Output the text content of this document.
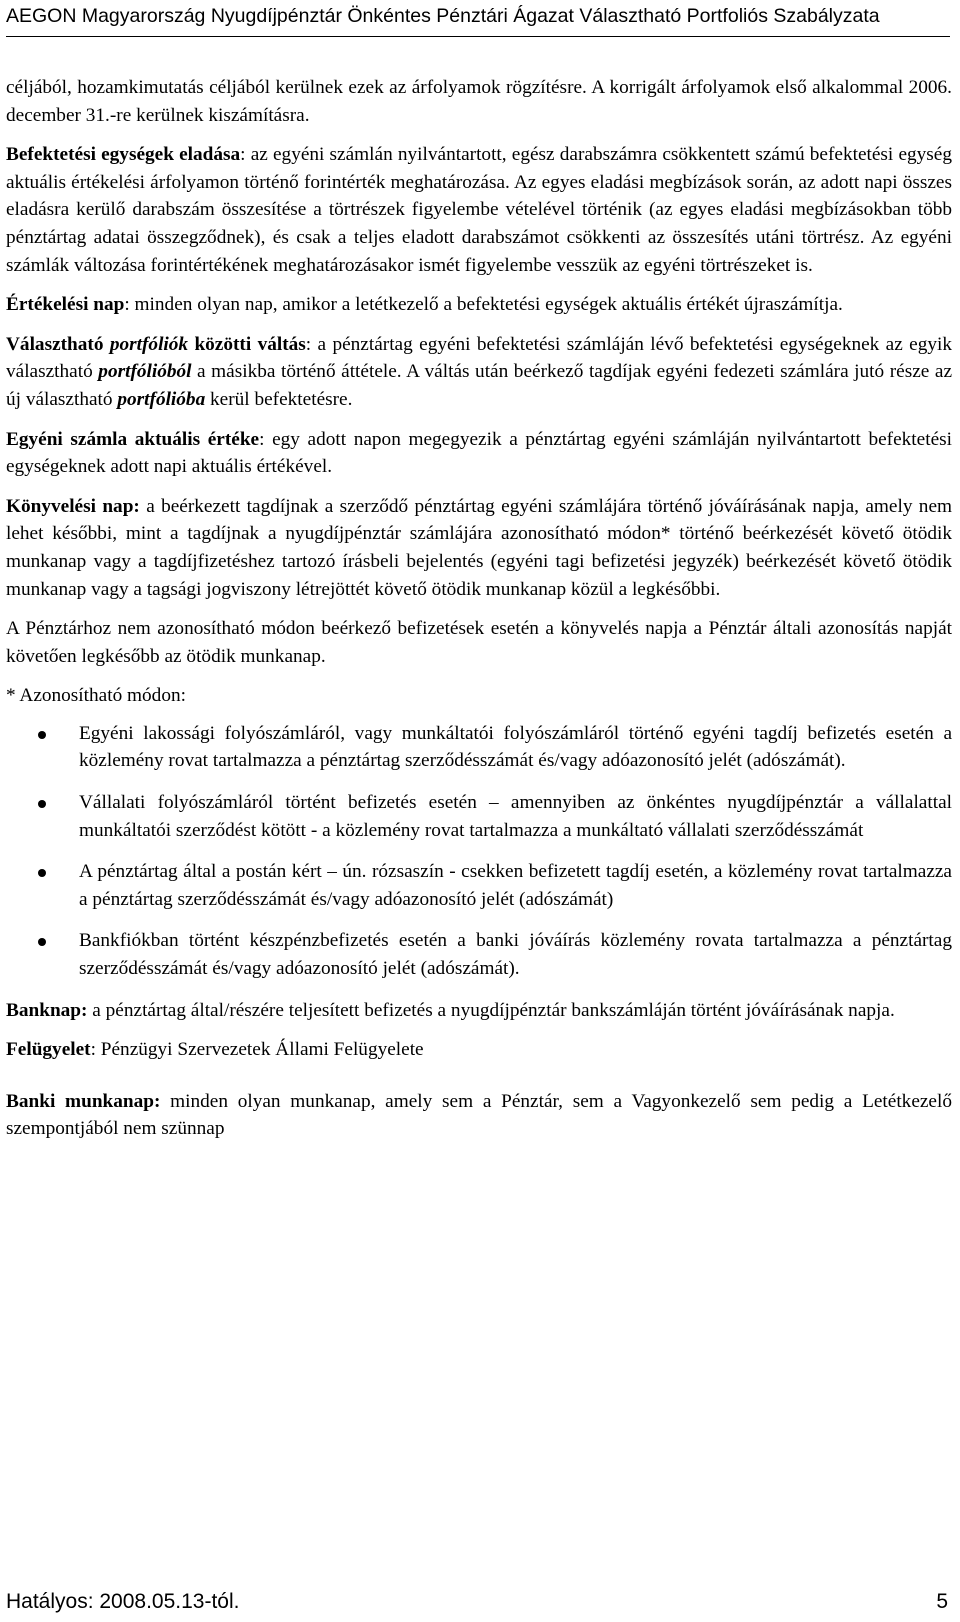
AEGON Magyarország Nyugdíjpénztár Önkéntes Pénztári Ágazat Választható Portfoliós Szabályzata

céljából, hozamkimutatás céljából kerülnek ezek az árfolyamok rögzítésre. A korrigált árfolyamok első alkalommal 2006. december 31.-re kerülnek kiszámításra.

Befektetési egységek eladása: az egyéni számlán nyilvántartott, egész darabszámra csökkentett számú befektetési egység aktuális értékelési árfolyamon történő forintérték meghatározása. Az egyes eladási megbízások során, az adott napi összes eladásra kerülő darabszám összesítése a törtrészek figyelembe vételével történik (az egyes eladási megbízásokban több pénztártag adatai összegződnek), és csak a teljes eladott darabszámot csökkenti az összesítés utáni törtrész. Az egyéni számlák változása forintértékének meghatározásakor ismét figyelembe vesszük az egyéni törtrészeket is.

Értékelési nap: minden olyan nap, amikor a letétkezelő a befektetési egységek aktuális értékét újraszámítja.

Választható portfóliók közötti váltás: a pénztártag egyéni befektetési számláján lévő befektetési egységeknek az egyik választható portfólióból a másikba történő áttétele. A váltás után beérkező tagdíjak egyéni fedezeti számlára jutó része az új választható portfólióba kerül befektetésre.

Egyéni számla aktuális értéke: egy adott napon megegyezik a pénztártag egyéni számláján nyilvántartott befektetési egységeknek adott napi aktuális értékével.

Könyvelési nap: a beérkezett tagdíjnak a szerződő pénztártag egyéni számlájára történő jóváírásának napja, amely nem lehet későbbi, mint a tagdíjnak a nyugdíjpénztár számlájára azonosítható módon* történő beérkezését követő ötödik munkanap vagy a tagdíjfizetéshez tartozó írásbeli bejelentés (egyéni tagi befizetési jegyzék) beérkezését követő ötödik munkanap vagy a tagsági jogviszony létrejöttét követő ötödik munkanap közül a legkésőbbi.

A Pénztárhoz nem azonosítható módon beérkező befizetések esetén a könyvelés napja a Pénztár általi azonosítás napját követően legkésőbb az ötödik munkanap.

* Azonosítható módon:

Egyéni lakossági folyószámláról, vagy munkáltatói folyószámláról történő egyéni tagdíj befizetés esetén a közlemény rovat tartalmazza a pénztártag szerződésszámát és/vagy adóazonosító jelét (adószámát).
Vállalati folyószámláról történt befizetés esetén – amennyiben az önkéntes nyugdíjpénztár a vállalattal munkáltatói szerződést kötött - a közlemény rovat tartalmazza a munkáltató vállalati szerződésszámát
A pénztártag által a postán kért – ún. rózsaszín - csekken befizetett tagdíj esetén, a közlemény rovat tartalmazza a pénztártag szerződésszámát és/vagy adóazonosító jelét (adószámát)
Bankfiókban történt készpénzbefizetés esetén a banki jóváírás közlemény rovata tartalmazza a pénztártag szerződésszámát és/vagy adóazonosító jelét (adószámát).

Banknap: a pénztártag által/részére teljesített befizetés a nyugdíjpénztár bankszámláján történt jóváírásának napja.

Felügyelet: Pénzügyi Szervezetek Állami Felügyelete

Banki munkanap: minden olyan munkanap, amely sem a Pénztár, sem a Vagyonkezelő sem pedig a Letétkezelő szempontjából nem szünnap

Hatályos: 2008.05.13-tól.	5
